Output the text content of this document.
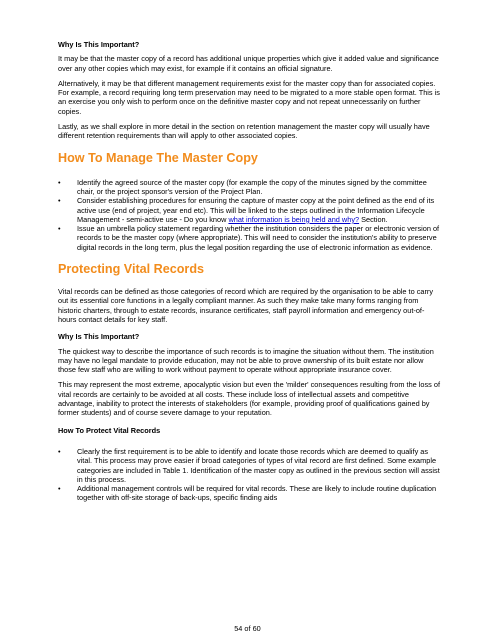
Why Is This Important?

It may be that the master copy of a record has additional unique properties which give it added value and significance over any other copies which may exist, for example if it contains an official signature.

Alternatively, it may be that different management requirements exist for the master copy than for associated copies. For example, a record requiring long term preservation may need to be migrated to a more stable open format. This is an exercise you only wish to perform once on the definitive master copy and not repeat unnecessarily on further copies.

Lastly, as we shall explore in more detail in the section on retention management the master copy will usually have different retention requirements than will apply to other associated copies.

How To Manage The Master Copy
• Identify the agreed source of the master copy (for example the copy of the minutes signed by the committee chair, or the project sponsor's version of the Project Plan.
• Consider establishing procedures for ensuring the capture of master copy at the point defined as the end of its active use (end of project, year end etc). This will be linked to the steps outlined in the Information Lifecycle Management - semi-active use - Do you know what information is being held and why? Section.
• Issue an umbrella policy statement regarding whether the institution considers the paper or electronic version of records to be the master copy (where appropriate). This will need to consider the institution's ability to preserve digital records in the long term, plus the legal position regarding the use of electronic information as evidence.
Protecting Vital Records

Vital records can be defined as those categories of record which are required by the organisation to be able to carry out its essential core functions in a legally compliant manner. As such they make take many forms ranging from historic charters, through to estate records, insurance certificates, staff payroll information and emergency out-of-hours contact details for key staff.

Why Is This Important?

The quickest way to describe the importance of such records is to imagine the situation without them. The institution may have no legal mandate to provide education, may not be able to prove ownership of its built estate nor allow those few staff who are willing to work without payment to operate without appropriate insurance cover.

This may represent the most extreme, apocalyptic vision but even the 'milder' consequences resulting from the loss of vital records are certainly to be avoided at all costs. These include loss of intellectual assets and competitive advantage, inability to protect the interests of stakeholders (for example, providing proof of qualifications gained by former students) and of course severe damage to your reputation.

How To Protect Vital Records

• Clearly the first requirement is to be able to identify and locate those records which are deemed to qualify as vital. This process may prove easier if broad categories of types of vital record are first defined. Some example categories are included in Table 1. Identification of the master copy as outlined in the previous section will assist in this process.
• Additional management controls will be required for vital records. These are likely to include routine duplication together with off-site storage of back-ups, specific finding aids
54 of 60
